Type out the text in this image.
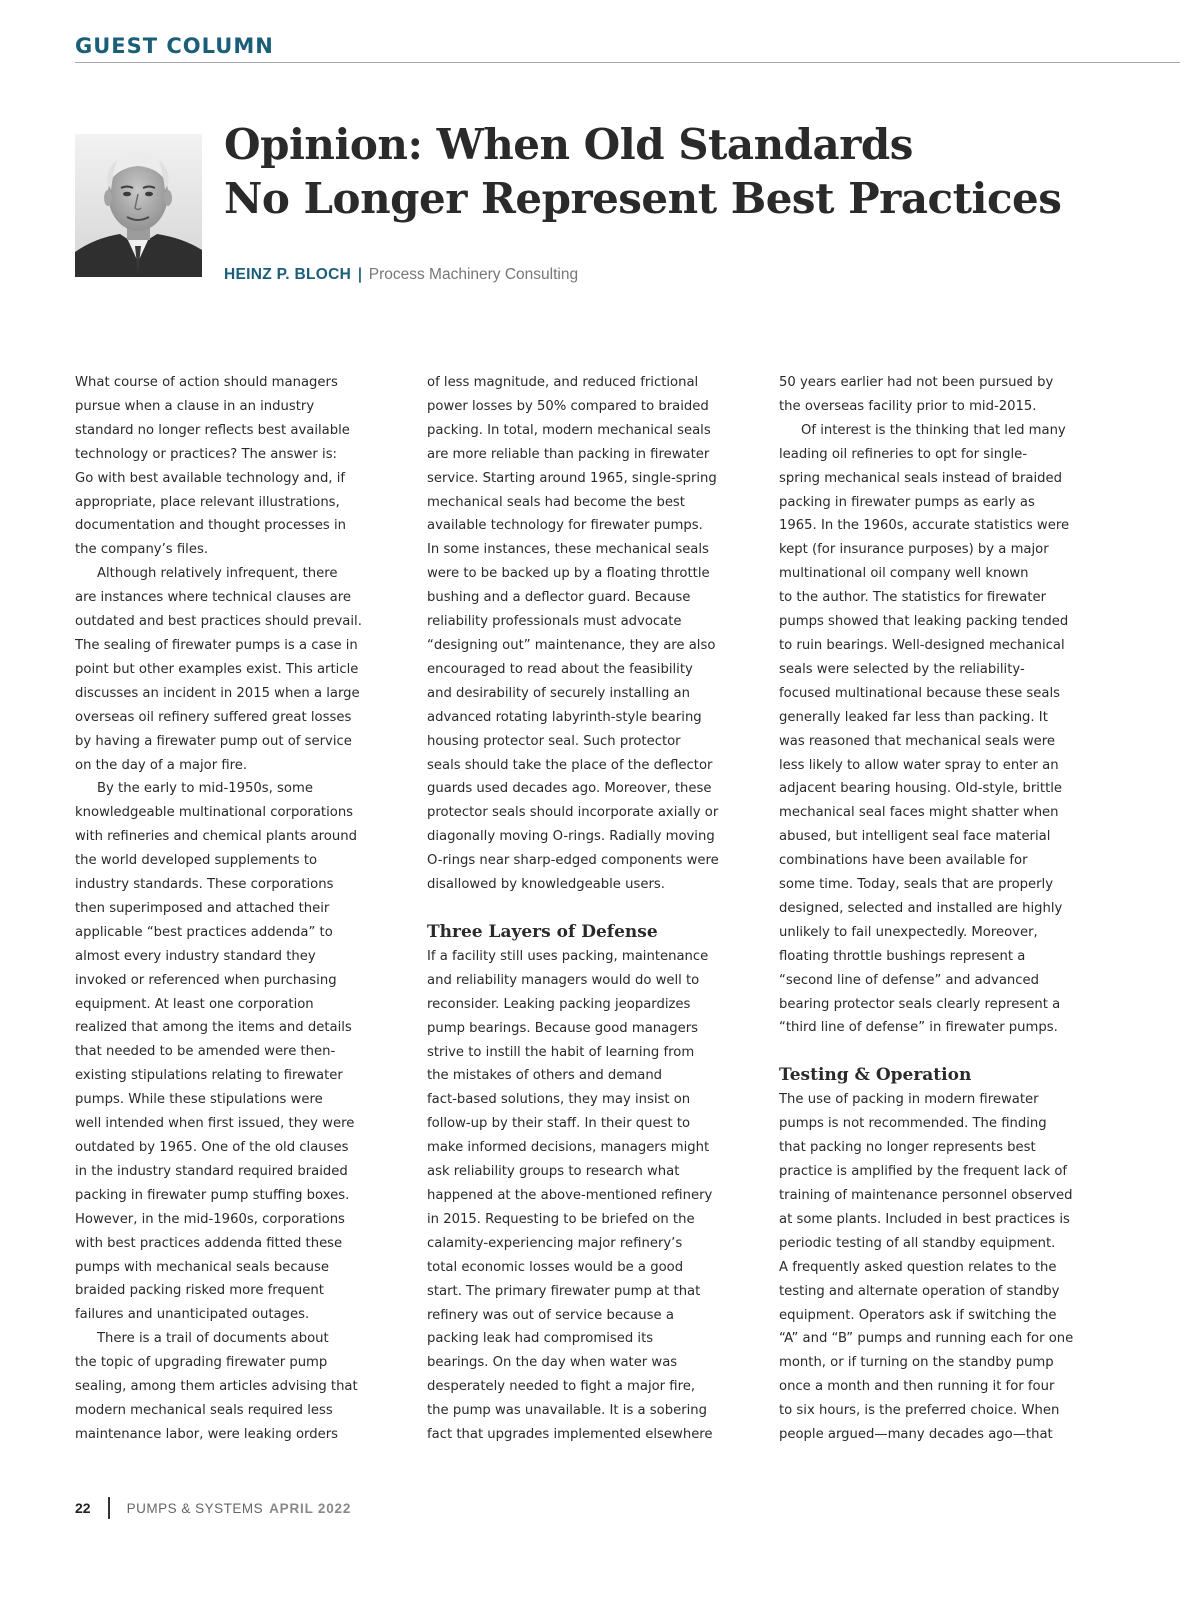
GUEST COLUMN
Opinion: When Old Standards
No Longer Represent Best Practices
HEINZ P. BLOCH | Process Machinery Consulting

What course of action should managers
pursue when a clause in an industry
standard no longer reflects best available
technology or practices? The answer is:
Go with best available technology and, if
appropriate, place relevant illustrations,
documentation and thought processes in
the company’s files.

Although relatively infrequent, there
are instances where technical clauses are
outdated and best practices should prevail.
The sealing of firewater pumps is a case in
point but other examples exist. This article
discusses an incident in 2015 when a large
overseas oil refinery suffered great losses
by having a firewater pump out of service
on the day of a major fire.

By the early to mid-1950s, some
knowledgeable multinational corporations
with refineries and chemical plants around
the world developed supplements to
industry standards. These corporations
then superimposed and attached their
applicable “best practices addenda” to
almost every industry standard they
invoked or referenced when purchasing
equipment. At least one corporation
realized that among the items and details
that needed to be amended were then-
existing stipulations relating to firewater
pumps. While these stipulations were
well intended when first issued, they were
outdated by 1965. One of the old clauses
in the industry standard required braided
packing in firewater pump stuffing boxes.
However, in the mid-1960s, corporations
with best practices addenda fitted these
pumps with mechanical seals because
braided packing risked more frequent
failures and unanticipated outages.

There is a trail of documents about
the topic of upgrading firewater pump
sealing, among them articles advising that
modern mechanical seals required less
maintenance labor, were leaking orders

of less magnitude, and reduced frictional
power losses by 50% compared to braided
packing. In total, modern mechanical seals
are more reliable than packing in firewater
service. Starting around 1965, single-spring
mechanical seals had become the best
available technology for firewater pumps.
In some instances, these mechanical seals
were to be backed up by a floating throttle
bushing and a deflector guard. Because
reliability professionals must advocate
“designing out” maintenance, they are also
encouraged to read about the feasibility
and desirability of securely installing an
advanced rotating labyrinth-style bearing
housing protector seal. Such protector
seals should take the place of the deflector
guards used decades ago. Moreover, these
protector seals should incorporate axially or
diagonally moving O-rings. Radially moving
O-rings near sharp-edged components were
disallowed by knowledgeable users.

Three Layers of Defense

If a facility still uses packing, maintenance
and reliability managers would do well to
reconsider. Leaking packing jeopardizes
pump bearings. Because good managers
strive to instill the habit of learning from
the mistakes of others and demand
fact-based solutions, they may insist on
follow-up by their staff. In their quest to
make informed decisions, managers might
ask reliability groups to research what
happened at the above-mentioned refinery
in 2015. Requesting to be briefed on the
calamity-experiencing major refinery’s
total economic losses would be a good
start. The primary firewater pump at that
refinery was out of service because a
packing leak had compromised its
bearings. On the day when water was
desperately needed to fight a major fire,
the pump was unavailable. It is a sobering
fact that upgrades implemented elsewhere

50 years earlier had not been pursued by
the overseas facility prior to mid-2015.

Of interest is the thinking that led many
leading oil refineries to opt for single-
spring mechanical seals instead of braided
packing in firewater pumps as early as
1965. In the 1960s, accurate statistics were
kept (for insurance purposes) by a major
multinational oil company well known
to the author. The statistics for firewater
pumps showed that leaking packing tended
to ruin bearings. Well-designed mechanical
seals were selected by the reliability-
focused multinational because these seals
generally leaked far less than packing. It
was reasoned that mechanical seals were
less likely to allow water spray to enter an
adjacent bearing housing. Old-style, brittle
mechanical seal faces might shatter when
abused, but intelligent seal face material
combinations have been available for
some time. Today, seals that are properly
designed, selected and installed are highly
unlikely to fail unexpectedly. Moreover,
floating throttle bushings represent a
“second line of defense” and advanced
bearing protector seals clearly represent a
“third line of defense” in firewater pumps.

Testing & Operation

The use of packing in modern firewater
pumps is not recommended. The finding
that packing no longer represents best
practice is amplified by the frequent lack of
training of maintenance personnel observed
at some plants. Included in best practices is
periodic testing of all standby equipment.
A frequently asked question relates to the
testing and alternate operation of standby
equipment. Operators ask if switching the
“A” and “B” pumps and running each for one
month, or if turning on the standby pump
once a month and then running it for four
to six hours, is the preferred choice. When
people argued—many decades ago—that

22	PUMPS & SYSTEMS APRIL 2022
